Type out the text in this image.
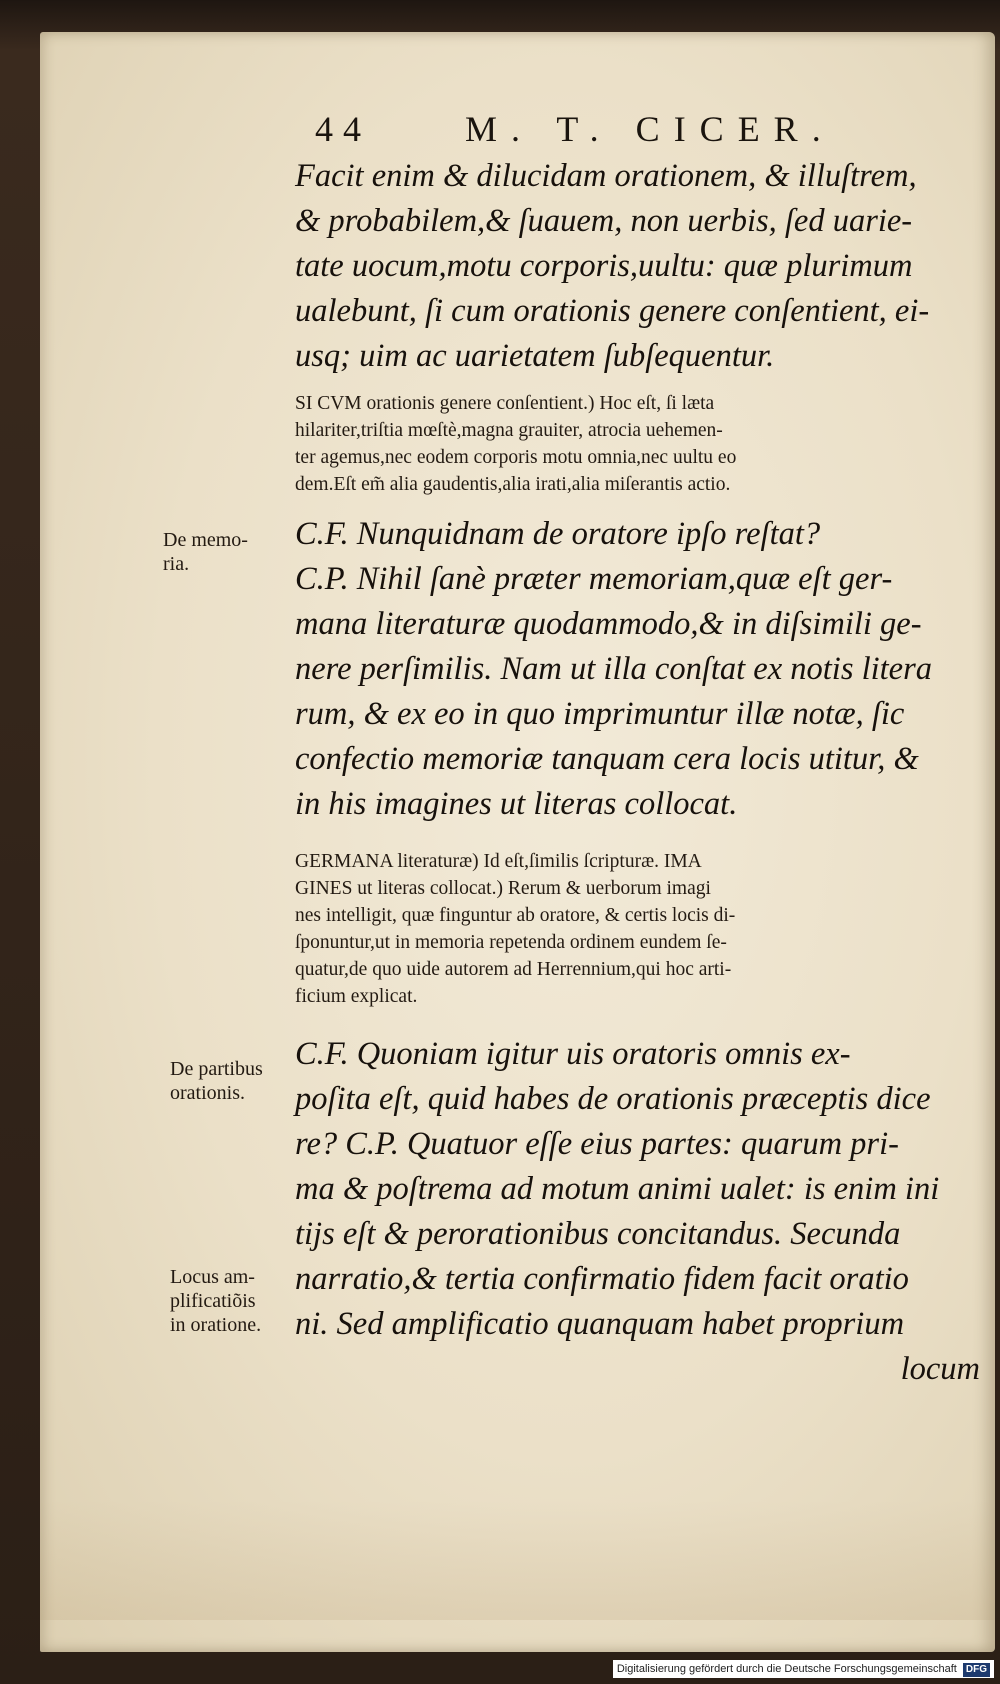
44	M. T. CICER.
Facit enim & dilucidam orationem, & illuſtrem,
& probabilem,& ſuauem, non uerbis, ſed uarie-
tate uocum,motu corporis,uultu: quæ plurimum
ualebunt, ſi cum orationis genere conſentient, ei-
usq; uim ac uarietatem ſubſequentur.
SI CVM orationis genere conſentient.) Hoc eſt, ſi læta
hilariter,triſtia mœſtè,magna grauiter, atrocia uehemen-
ter agemus,nec eodem corporis motu omnia,nec uultu eo
dem.Eſt em̃ alia gaudentis,alia irati,alia miſerantis actio.
De memo-
ria.
C.F. Nunquidnam de oratore ipſo reſtat?
C.P. Nihil ſanè præter memoriam,quæ eſt ger-
mana literaturæ quodammodo,& in diſsimili ge-
nere perſimilis. Nam ut illa conſtat ex notis litera
rum, & ex eo in quo imprimuntur illæ notæ, ſic
confectio memoriæ tanquam cera locis utitur, &
in his imagines ut literas collocat.
GERMANA literaturæ) Id eſt,ſimilis ſcripturæ. IMA
GINES ut literas collocat.) Rerum & uerborum imagi
nes intelligit, quæ finguntur ab oratore, & certis locis di-
ſponuntur,ut in memoria repetenda ordinem eundem ſe-
quatur,de quo uide autorem ad Herrennium,qui hoc arti-
ficium explicat.
De partibus
orationis.
C.F. Quoniam igitur uis oratoris omnis ex-
poſita eſt, quid habes de orationis præceptis dice
re? C.P. Quatuor eſſe eius partes: quarum pri-
ma & poſtrema ad motum animi ualet: is enim ini
tijs eſt & perorationibus concitandus. Secunda
narratio,& tertia confirmatio fidem facit oratio
ni. Sed amplificatio quanquam habet proprium
locum
Locus am-
plificatiõis
in oratione.
Digitalisierung gefördert durch die Deutsche Forschungsgemeinschaft DFG
